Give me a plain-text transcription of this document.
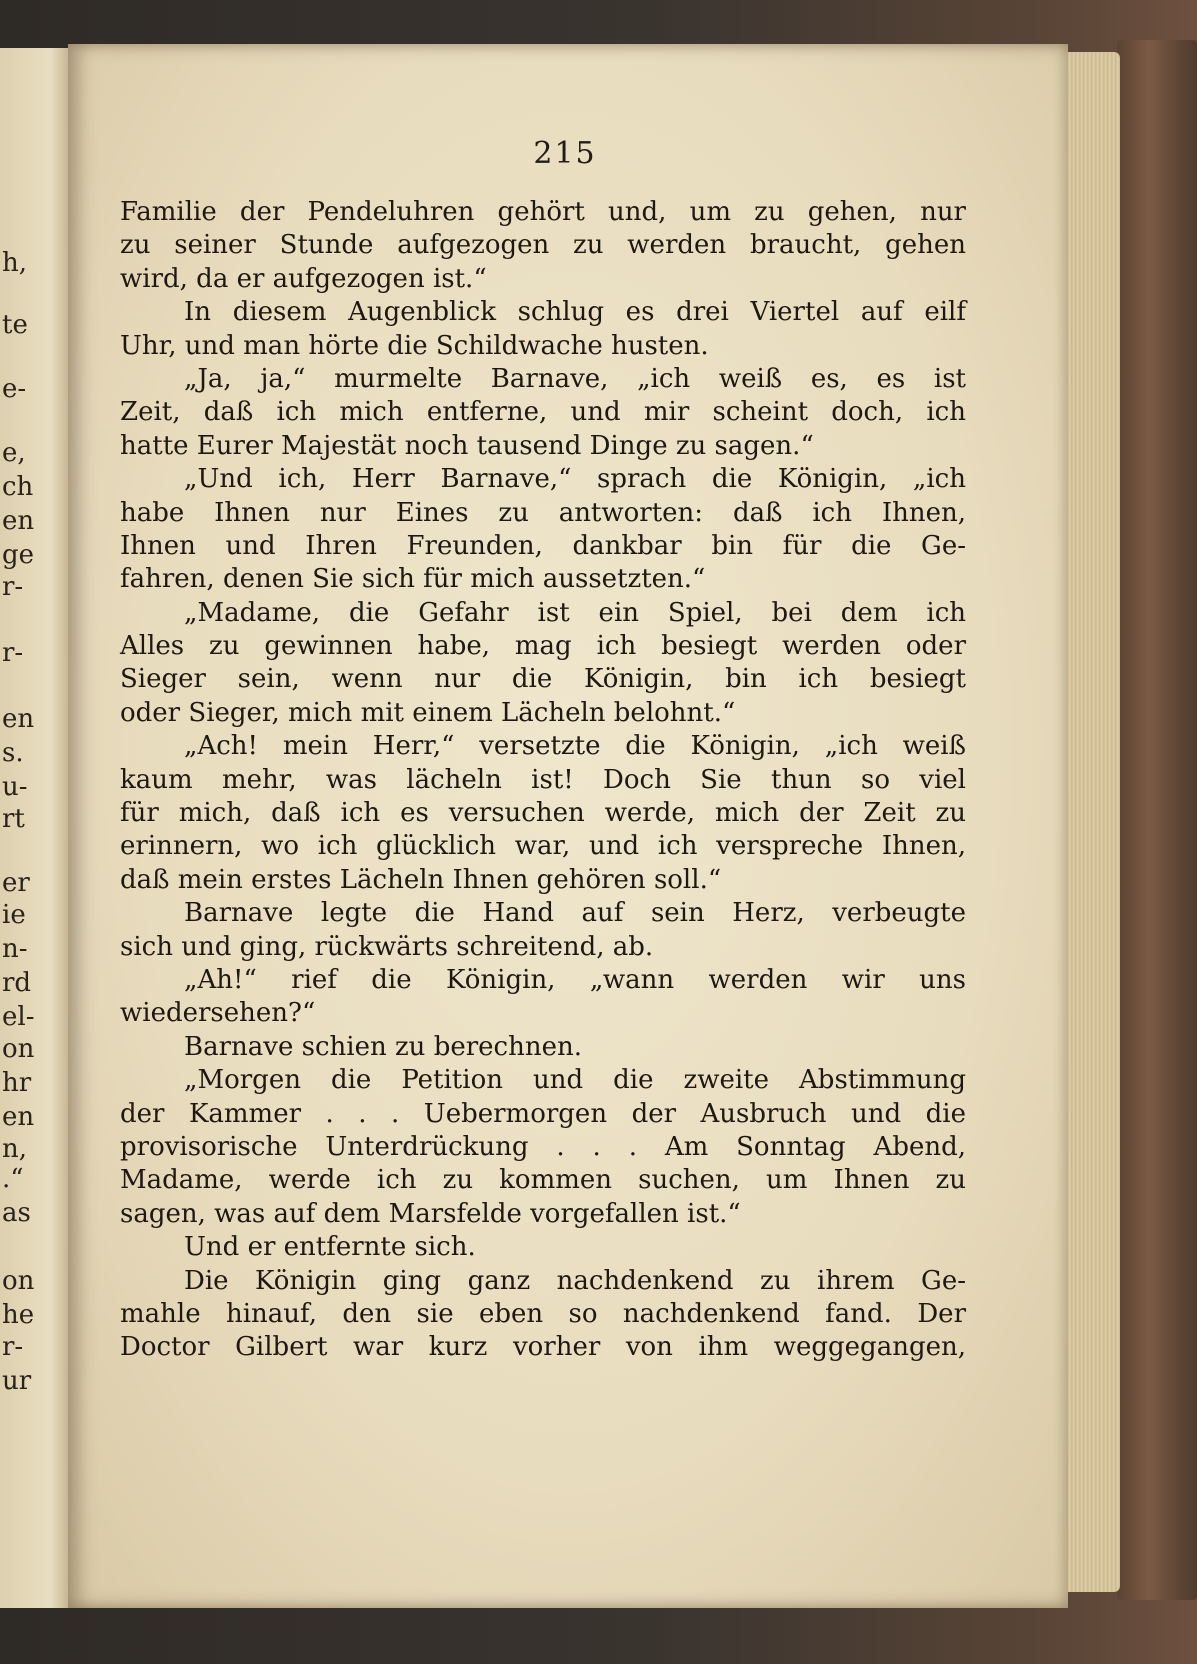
h,
te
e-
e,
ch
en
ge
r-
r-
en
s.
u-
rt
er
ie
n-
rd
el-
on
hr
en
n,
.“
as
on
he
r-
ur
215
Familie der Pendeluhren gehört und, um zu gehen, nur
zu seiner Stunde aufgezogen zu werden braucht, gehen
wird, da er aufgezogen ist.“
In diesem Augenblick schlug es drei Viertel auf eilf
Uhr, und man hörte die Schildwache husten.
„Ja, ja,“ murmelte Barnave, „ich weiß es, es ist
Zeit, daß ich mich entferne, und mir scheint doch, ich
hatte Eurer Majestät noch tausend Dinge zu sagen.“
„Und ich, Herr Barnave,“ sprach die Königin, „ich
habe Ihnen nur Eines zu antworten: daß ich Ihnen,
Ihnen und Ihren Freunden, dankbar bin für die Ge-
fahren, denen Sie sich für mich aussetzten.“
„Madame, die Gefahr ist ein Spiel, bei dem ich
Alles zu gewinnen habe, mag ich besiegt werden oder
Sieger sein, wenn nur die Königin, bin ich besiegt
oder Sieger, mich mit einem Lächeln belohnt.“
„Ach! mein Herr,“ versetzte die Königin, „ich weiß
kaum mehr, was lächeln ist! Doch Sie thun so viel
für mich, daß ich es versuchen werde, mich der Zeit zu
erinnern, wo ich glücklich war, und ich verspreche Ihnen,
daß mein erstes Lächeln Ihnen gehören soll.“
Barnave legte die Hand auf sein Herz, verbeugte
sich und ging, rückwärts schreitend, ab.
„Ah!“ rief die Königin, „wann werden wir uns
wiedersehen?“
Barnave schien zu berechnen.
„Morgen die Petition und die zweite Abstimmung
der Kammer . . . Uebermorgen der Ausbruch und die
provisorische Unterdrückung . . . Am Sonntag Abend,
Madame, werde ich zu kommen suchen, um Ihnen zu
sagen, was auf dem Marsfelde vorgefallen ist.“
Und er entfernte sich.
Die Königin ging ganz nachdenkend zu ihrem Ge-
mahle hinauf, den sie eben so nachdenkend fand. Der
Doctor Gilbert war kurz vorher von ihm weggegangen,
